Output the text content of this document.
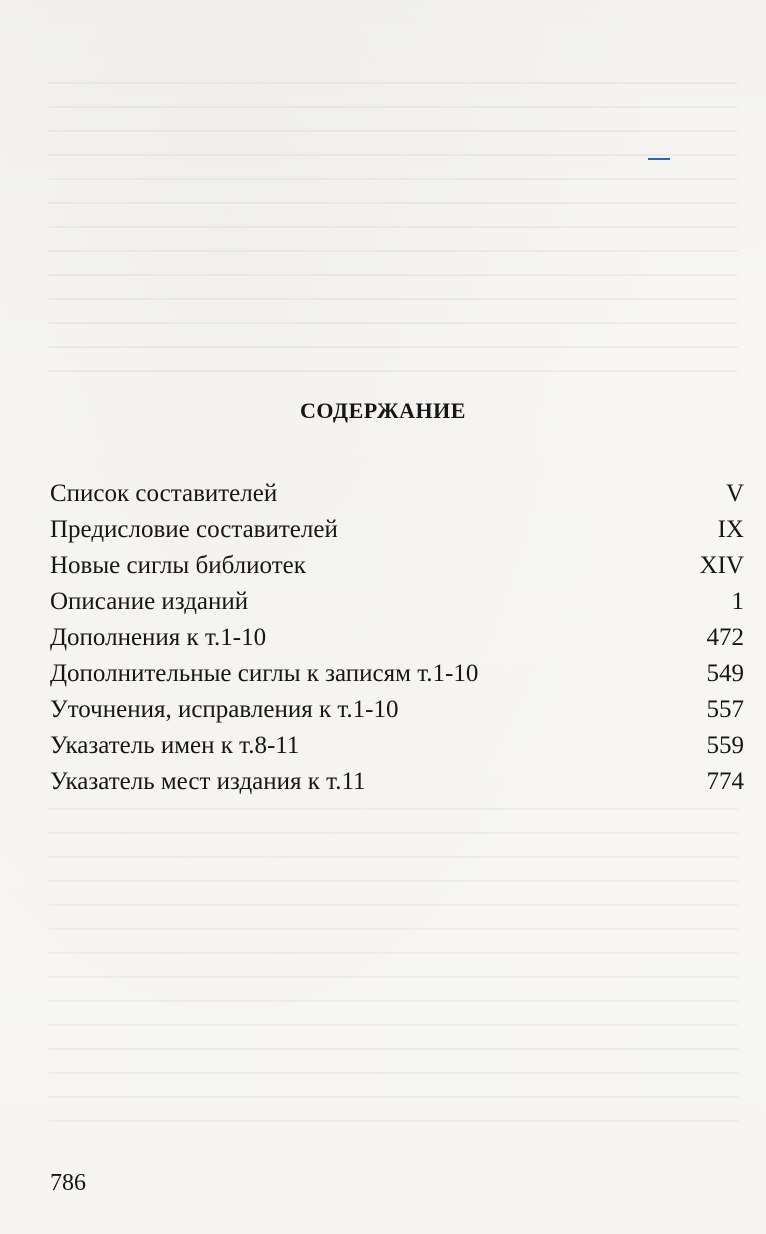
СОДЕРЖАНИЕ
Список составителей	V
Предисловие составителей	IX
Новые сиглы библиотек	XIV
Описание изданий	1
Дополнения к т.1-10	472
Дополнительные сиглы к записям т.1-10	549
Уточнения, исправления к т.1-10	557
Указатель имен к т.8-11	559
Указатель мест издания к т.11	774

786
